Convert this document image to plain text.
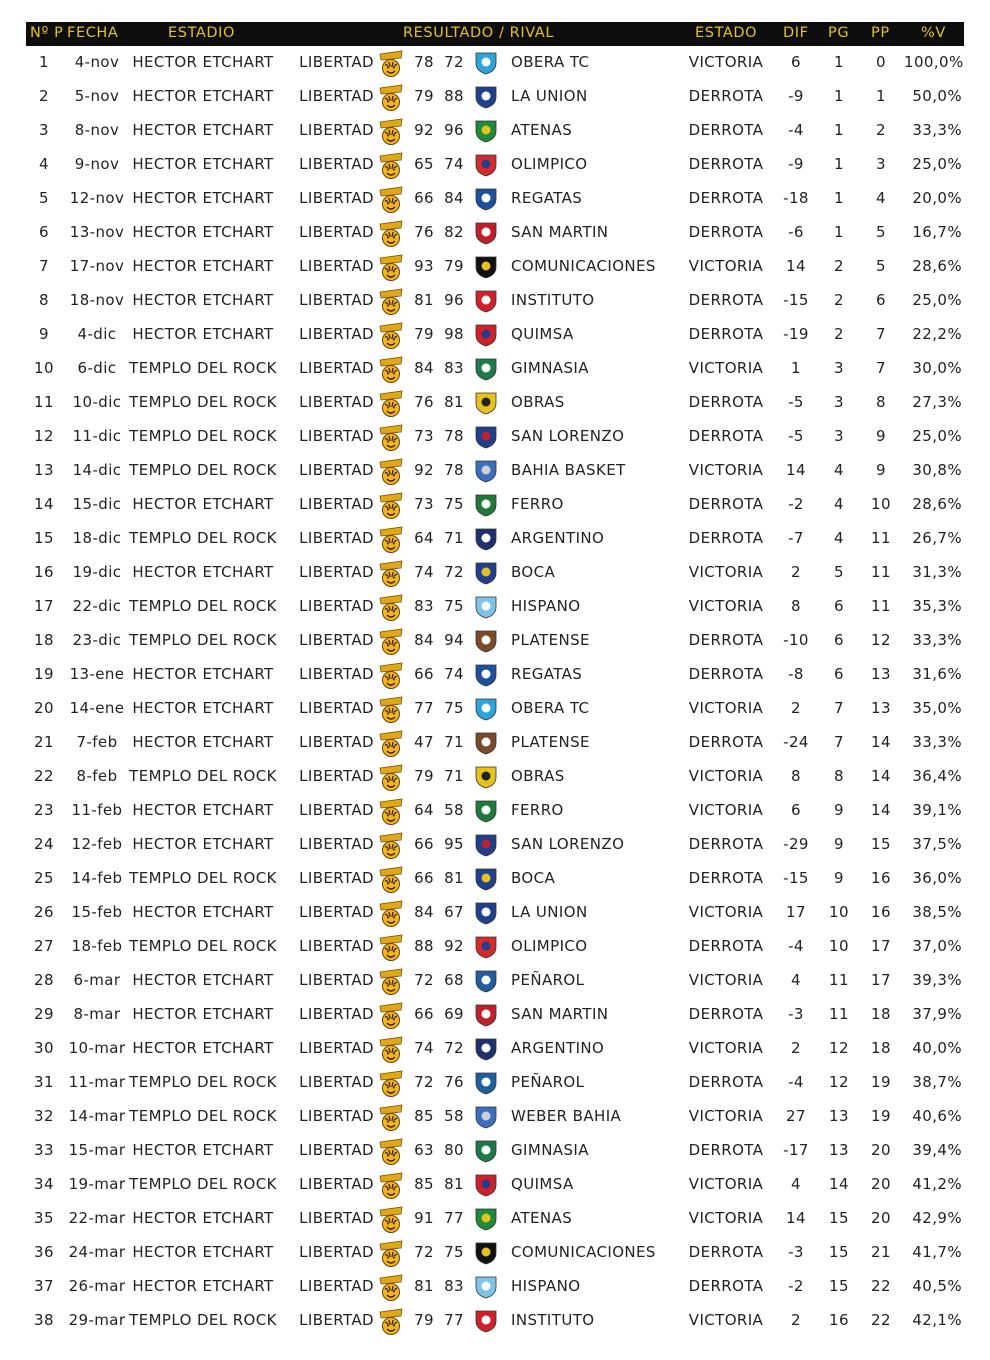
Nº P FECHA	ESTADIO	RESULTADO / RIVAL	ESTADO DIF PG PP %V
1	4-nov HECTOR ETCHART	LIBERTAD	78 72	OBERA TC	VICTORIA	6	1	0	100,0%
2	5-nov HECTOR ETCHART	LIBERTAD	79 88	LA UNION	DERROTA	-9	1	1	50,0%
3	8-nov HECTOR ETCHART	LIBERTAD	92 96	ATENAS	DERROTA	-4	1	2	33,3%
4	9-nov HECTOR ETCHART	LIBERTAD	65 74	OLIMPICO	DERROTA	-9	1	3	25,0%
5	12-nov HECTOR ETCHART	LIBERTAD	66 84	REGATAS	DERROTA	-18	1	4	20,0%
6	13-nov HECTOR ETCHART	LIBERTAD	76 82	SAN MARTIN	DERROTA	-6	1	5	16,7%
7	17-nov HECTOR ETCHART	LIBERTAD	93 79	COMUNICACIONES	VICTORIA	14	2	5	28,6%
8	18-nov HECTOR ETCHART	LIBERTAD	81 96	INSTITUTO	DERROTA	-15	2	6	25,0%
9	4-dic	HECTOR ETCHART	LIBERTAD	79 98	QUIMSA	DERROTA	-19	2	7	22,2%
10	6-dic TEMPLO DEL ROCK	LIBERTAD	84 83	GIMNASIA	VICTORIA	1	3	7	30,0%
11	10-dic TEMPLO DEL ROCK	LIBERTAD	76 81	OBRAS	DERROTA	-5	3	8	27,3%
12	11-dic TEMPLO DEL ROCK	LIBERTAD	73 78	SAN LORENZO	DERROTA	-5	3	9	25,0%
13	14-dic TEMPLO DEL ROCK	LIBERTAD	92 78	BAHIA BASKET	VICTORIA	14	4	9	30,8%
14	15-dic HECTOR ETCHART	LIBERTAD	73 75	FERRO	DERROTA	-2	4	10	28,6%
15	18-dic TEMPLO DEL ROCK	LIBERTAD	64 71	ARGENTINO	DERROTA	-7	4	11	26,7%
16	19-dic HECTOR ETCHART	LIBERTAD	74 72	BOCA	VICTORIA	2	5	11	31,3%
17	22-dic TEMPLO DEL ROCK	LIBERTAD	83 75	HISPANO	VICTORIA	8	6	11	35,3%
18	23-dic TEMPLO DEL ROCK	LIBERTAD	84 94	PLATENSE	DERROTA	-10	6	12	33,3%
19	13-ene HECTOR ETCHART	LIBERTAD	66 74	REGATAS	DERROTA	-8	6	13	31,6%
20	14-ene HECTOR ETCHART	LIBERTAD	77 75	OBERA TC	VICTORIA	2	7	13	35,0%
21	7-feb HECTOR ETCHART	LIBERTAD	47 71	PLATENSE	DERROTA	-24	7	14	33,3%
22	8-feb TEMPLO DEL ROCK	LIBERTAD	79 71	OBRAS	VICTORIA	8	8	14	36,4%
23	11-feb HECTOR ETCHART	LIBERTAD	64 58	FERRO	VICTORIA	6	9	14	39,1%
24	12-feb HECTOR ETCHART	LIBERTAD	66 95	SAN LORENZO	DERROTA	-29	9	15	37,5%
25	14-feb TEMPLO DEL ROCK	LIBERTAD	66 81	BOCA	DERROTA	-15	9	16	36,0%
26	15-feb HECTOR ETCHART	LIBERTAD	84 67	LA UNION	VICTORIA	17	10	16	38,5%
27	18-feb TEMPLO DEL ROCK	LIBERTAD	88 92	OLIMPICO	DERROTA	-4	10	17	37,0%
28	6-mar HECTOR ETCHART	LIBERTAD	72 68	PEÑAROL	VICTORIA	4	11	17	39,3%
29	8-mar HECTOR ETCHART	LIBERTAD	66 69	SAN MARTIN	DERROTA	-3	11	18	37,9%
30 10-mar HECTOR ETCHART	LIBERTAD	74 72	ARGENTINO	VICTORIA	2	12	18	40,0%
31 11-mar TEMPLO DEL ROCK	LIBERTAD	72 76	PEÑAROL	DERROTA	-4	12	19	38,7%
32 14-mar TEMPLO DEL ROCK	LIBERTAD	85 58	WEBER BAHIA	VICTORIA	27	13	19	40,6%
33 15-mar HECTOR ETCHART	LIBERTAD	63 80	GIMNASIA	DERROTA	-17	13	20	39,4%
34 19-mar TEMPLO DEL ROCK	LIBERTAD	85 81	QUIMSA	VICTORIA	4	14	20	41,2%
35 22-mar HECTOR ETCHART	LIBERTAD	91 77	ATENAS	VICTORIA	14	15	20	42,9%
36 24-mar HECTOR ETCHART	LIBERTAD	72 75	COMUNICACIONES	DERROTA	-3	15	21	41,7%
37 26-mar HECTOR ETCHART	LIBERTAD	81 83	HISPANO	DERROTA	-2	15	22	40,5%
38 29-mar TEMPLO DEL ROCK	LIBERTAD	79 77	INSTITUTO	VICTORIA	2	16	22	42,1%
